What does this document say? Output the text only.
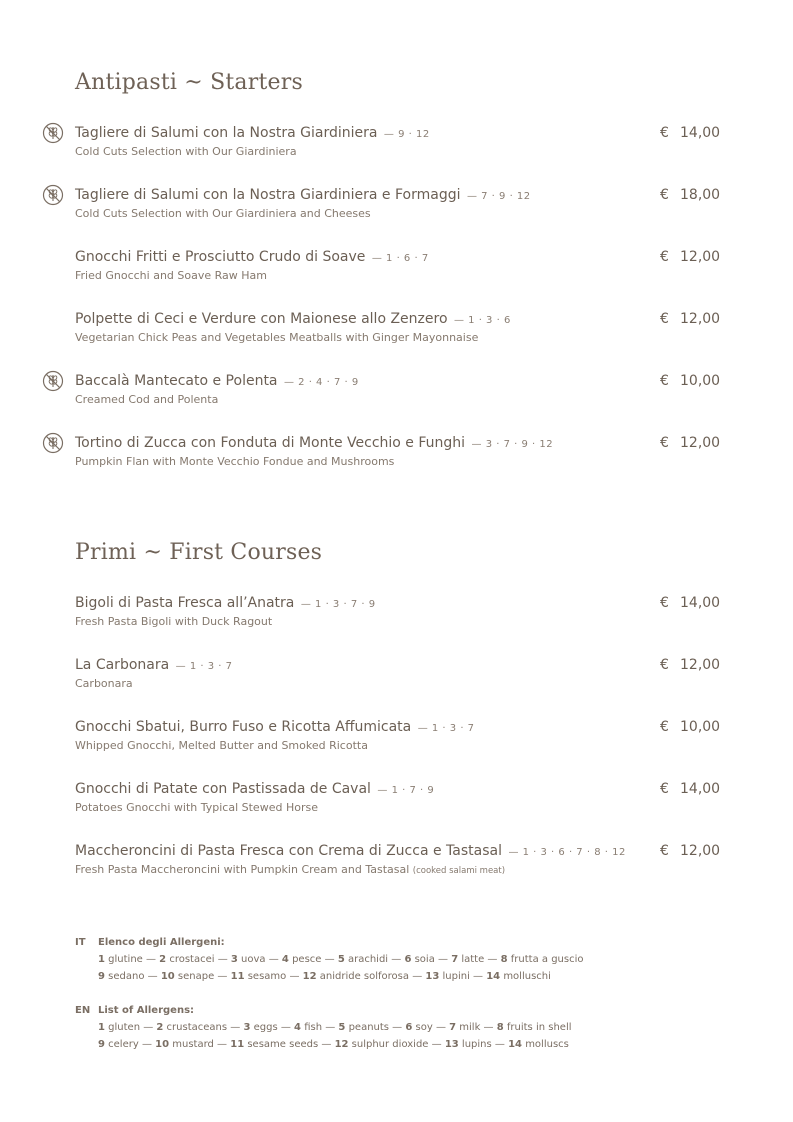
Antipasti ~ Starters
Tagliere di Salumi con la Nostra Giardiniera — 9 · 12
Cold Cuts Selection with Our Giardiniera
€ 14,00
Tagliere di Salumi con la Nostra Giardiniera e Formaggi — 7 · 9 · 12
Cold Cuts Selection with Our Giardiniera and Cheeses
€ 18,00
Gnocchi Fritti e Prosciutto Crudo di Soave — 1 · 6 · 7
Fried Gnocchi and Soave Raw Ham
€ 12,00
Polpette di Ceci e Verdure con Maionese allo Zenzero — 1 · 3 · 6
Vegetarian Chick Peas and Vegetables Meatballs with Ginger Mayonnaise
€ 12,00
Baccalà Mantecato e Polenta — 2 · 4 · 7 · 9
Creamed Cod and Polenta
€ 10,00
Tortino di Zucca con Fonduta di Monte Vecchio e Funghi — 3 · 7 · 9 · 12
Pumpkin Flan with Monte Vecchio Fondue and Mushrooms
€ 12,00
Primi ~ First Courses
Bigoli di Pasta Fresca all’Anatra — 1 · 3 · 7 · 9
Fresh Pasta Bigoli with Duck Ragout
€ 14,00
La Carbonara — 1 · 3 · 7
Carbonara
€ 12,00
Gnocchi Sbatui, Burro Fuso e Ricotta Affumicata — 1 · 3 · 7
Whipped Gnocchi, Melted Butter and Smoked Ricotta
€ 10,00
Gnocchi di Patate con Pastissada de Caval — 1 · 7 · 9
Potatoes Gnocchi with Typical Stewed Horse
€ 14,00
Maccheroncini di Pasta Fresca con Crema di Zucca e Tastasal — 1 · 3 · 6 · 7 · 8 · 12
Fresh Pasta Maccheroncini with Pumpkin Cream and Tastasal (cooked salami meat)
€ 12,00
IT Elenco degli Allergeni:
1 glutine — 2 crostacei — 3 uova — 4 pesce — 5 arachidi — 6 soia — 7 latte — 8 frutta a guscio
9 sedano — 10 senape — 11 sesamo — 12 anidride solforosa — 13 lupini — 14 molluschi
EN List of Allergens:
1 gluten — 2 crustaceans — 3 eggs — 4 fish — 5 peanuts — 6 soy — 7 milk — 8 fruits in shell
9 celery — 10 mustard — 11 sesame seeds — 12 sulphur dioxide — 13 lupins — 14 molluscs
